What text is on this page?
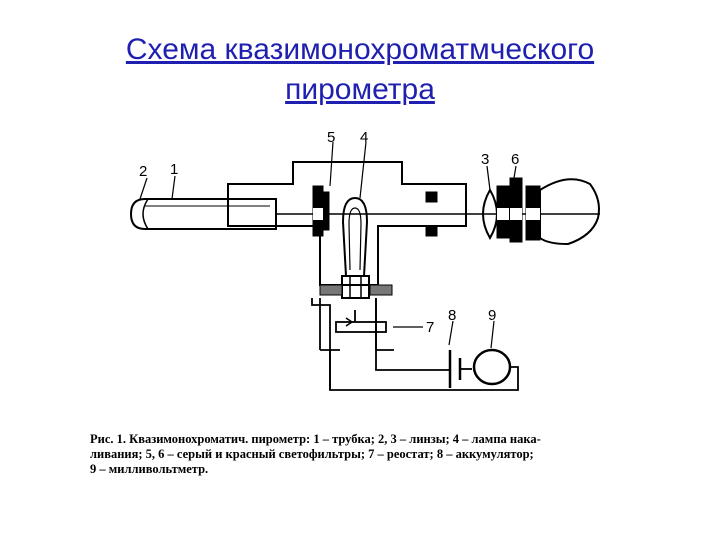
Схема квазимонохроматмческого
пирометра
2 1
5 4
3 6
7
8 9
Рис. 1. Квазимонохроматич. пирометр: 1 – трубка; 2, 3 – линзы; 4 – лампа нака-
ливания; 5, 6 – серый и красный светофильтры; 7 – реостат; 8 – аккумулятор;
9 – милливольтметр.
